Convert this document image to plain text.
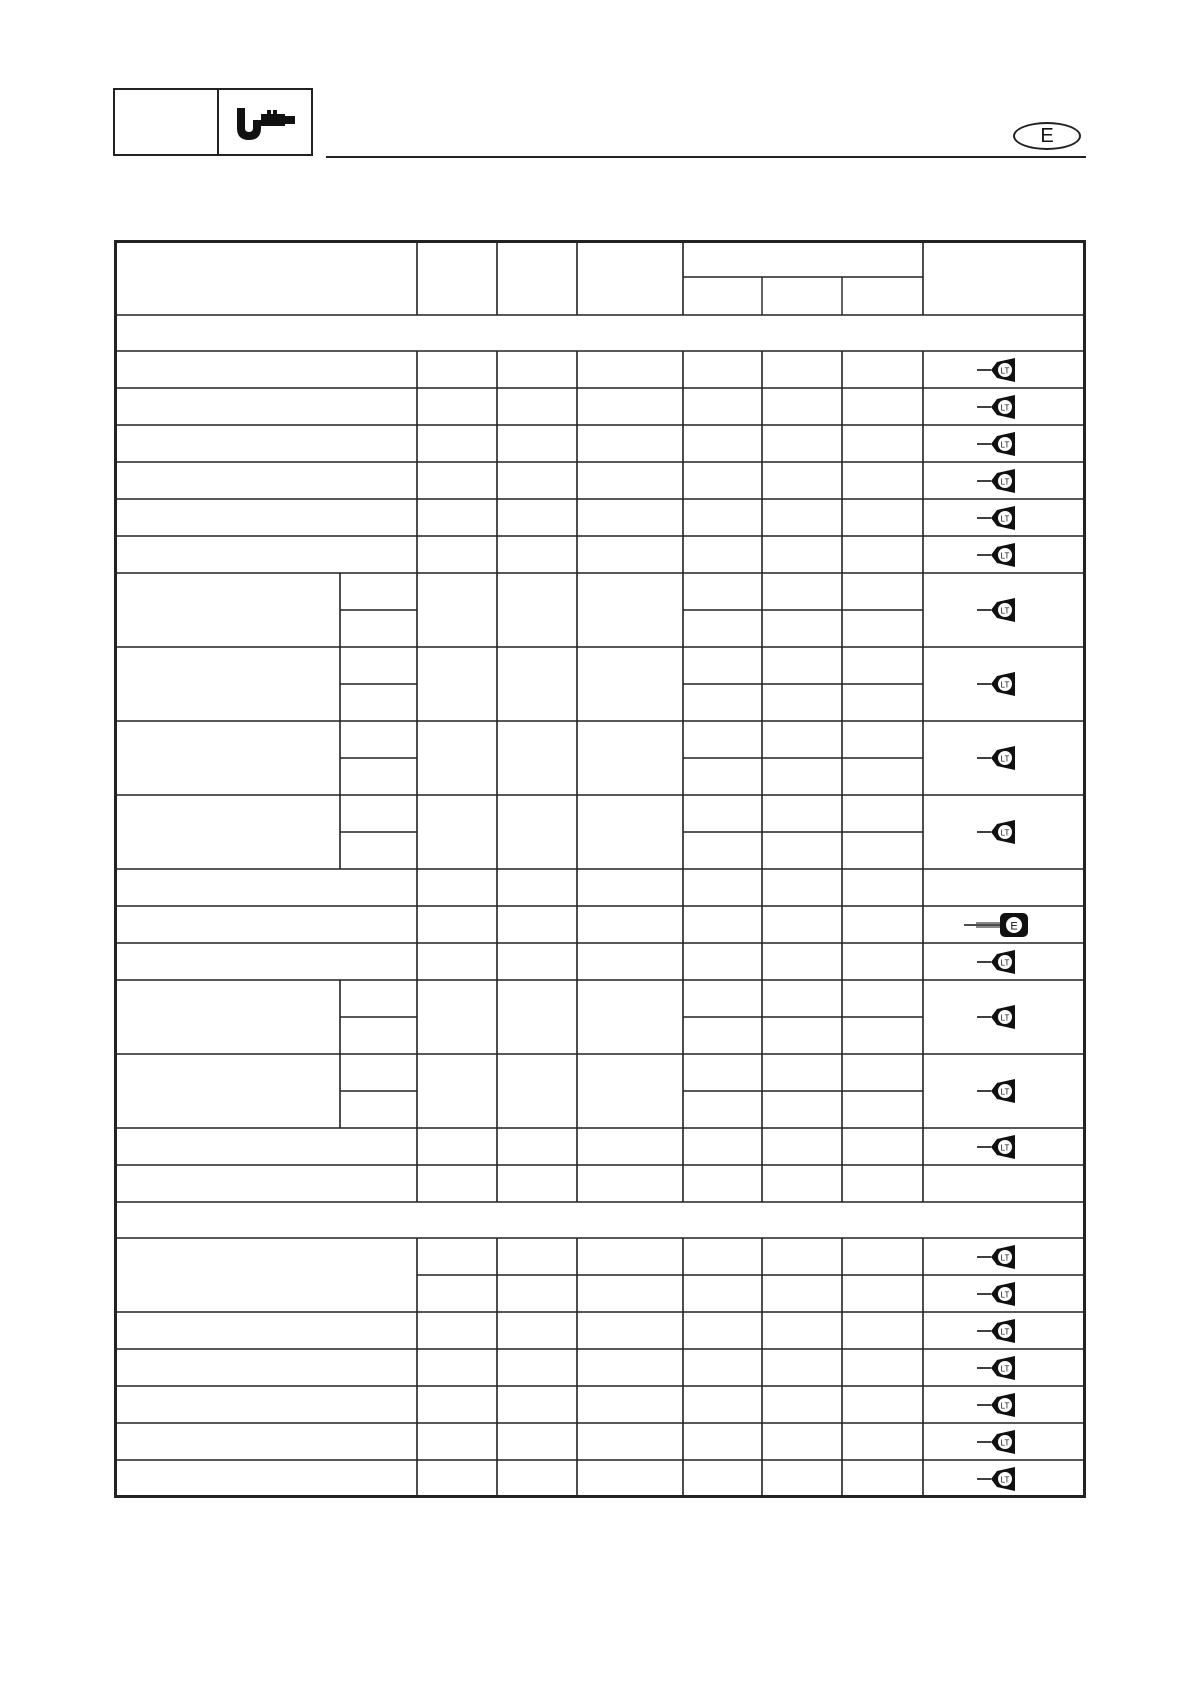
E
LT
LT
LT
LT
LT
LT
LT
LT
LT
LT
E
LT
LT
LT
LT
LT
LT
LT
LT
LT
LT
LT
